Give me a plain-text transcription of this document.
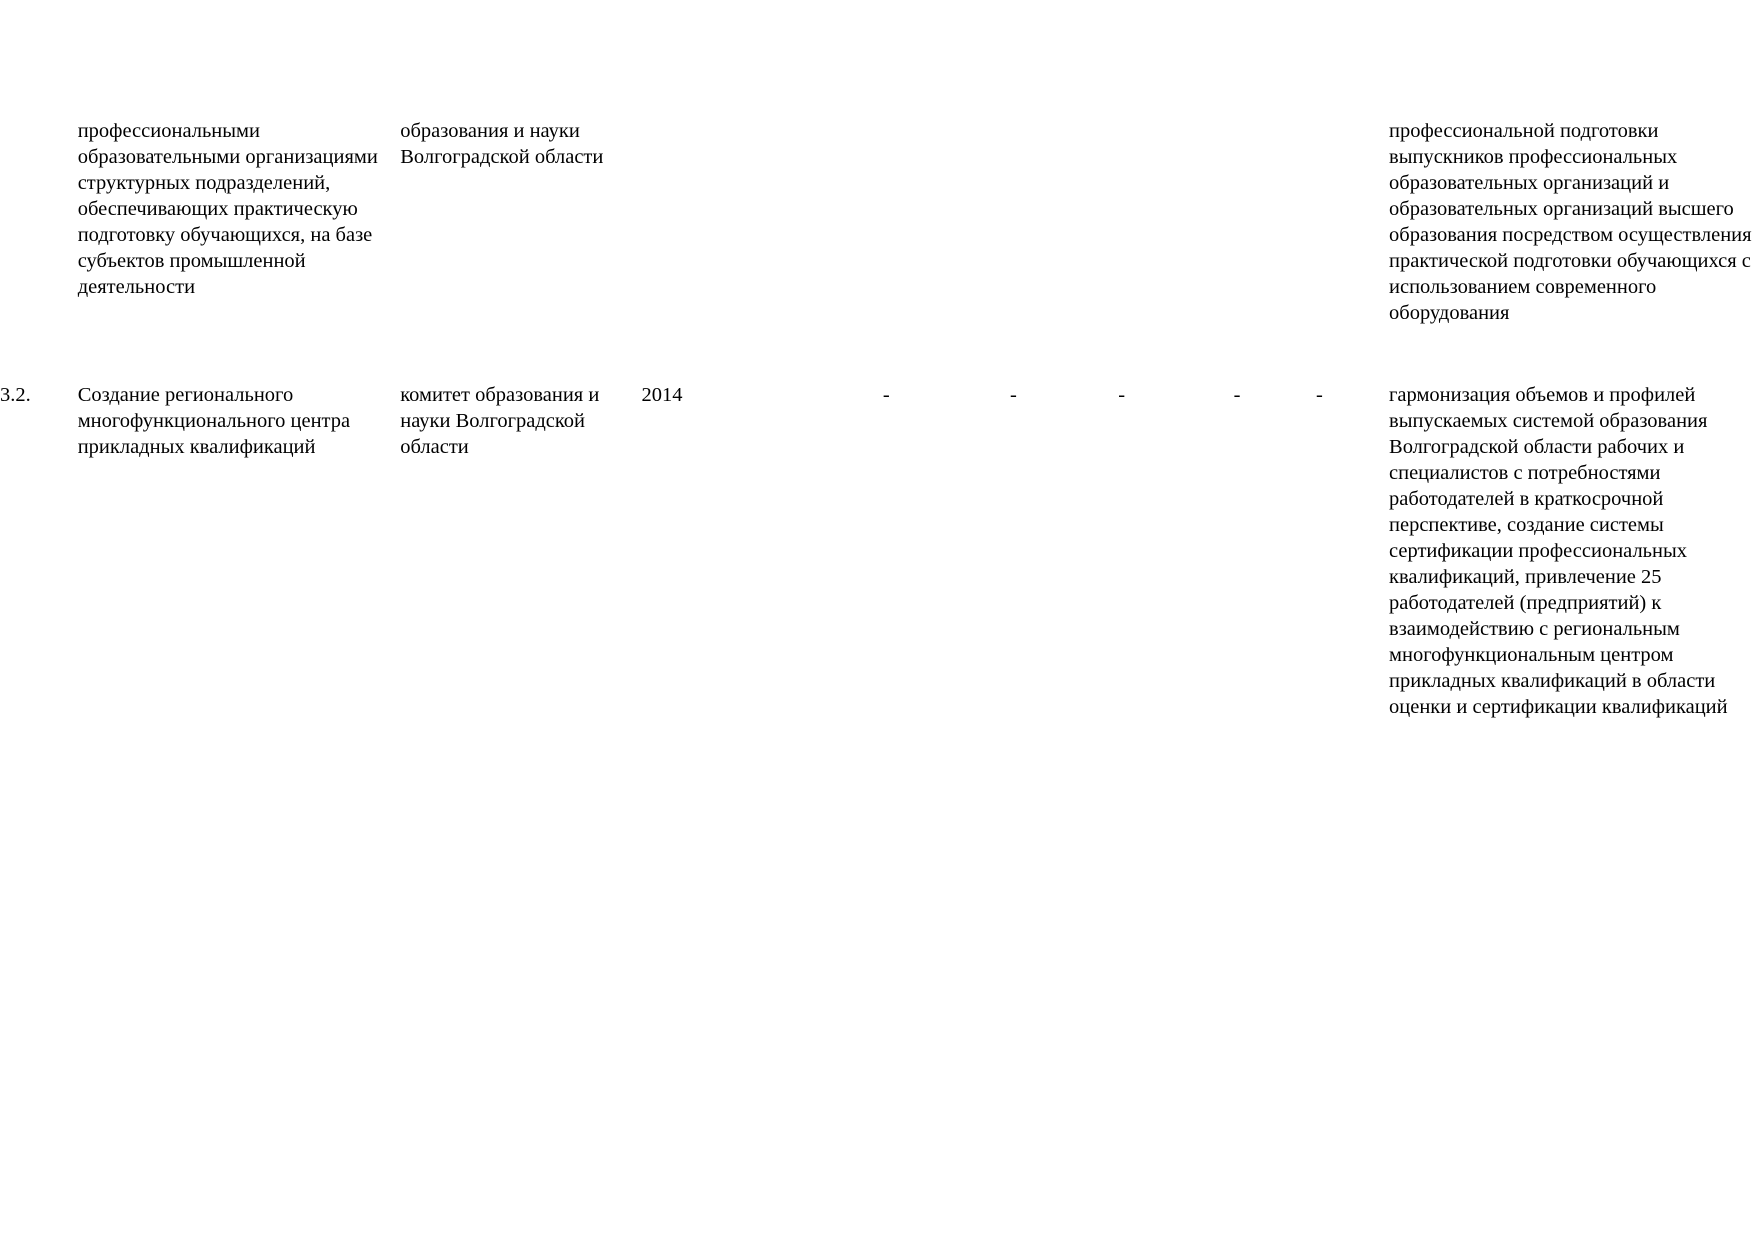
	профессиональными образовательными организациями структурных подразделений, обеспечивающих практическую подготовку обучающихся, на базе субъектов промышленной деятельности	образования и науки Волгоградской области							профессиональной подготовки выпускников профессиональных образовательных организаций и образовательных организаций высшего образования посредством осуществления практической подготовки обучающихся с использованием современного оборудования
3.2.	Создание регионального многофункционального центра прикладных квалификаций	комитет образования и науки Волгоградской области	2014	-	-	-	-	-	гармонизация объемов и профилей выпускаемых системой образования Волгоградской области рабочих и специалистов с потребностями работодателей в краткосрочной перспективе, создание системы сертификации профессиональных квалификаций, привлечение 25 работодателей (предприятий) к взаимодействию с региональным многофункциональным центром прикладных квалификаций в области оценки и сертификации квалификаций
